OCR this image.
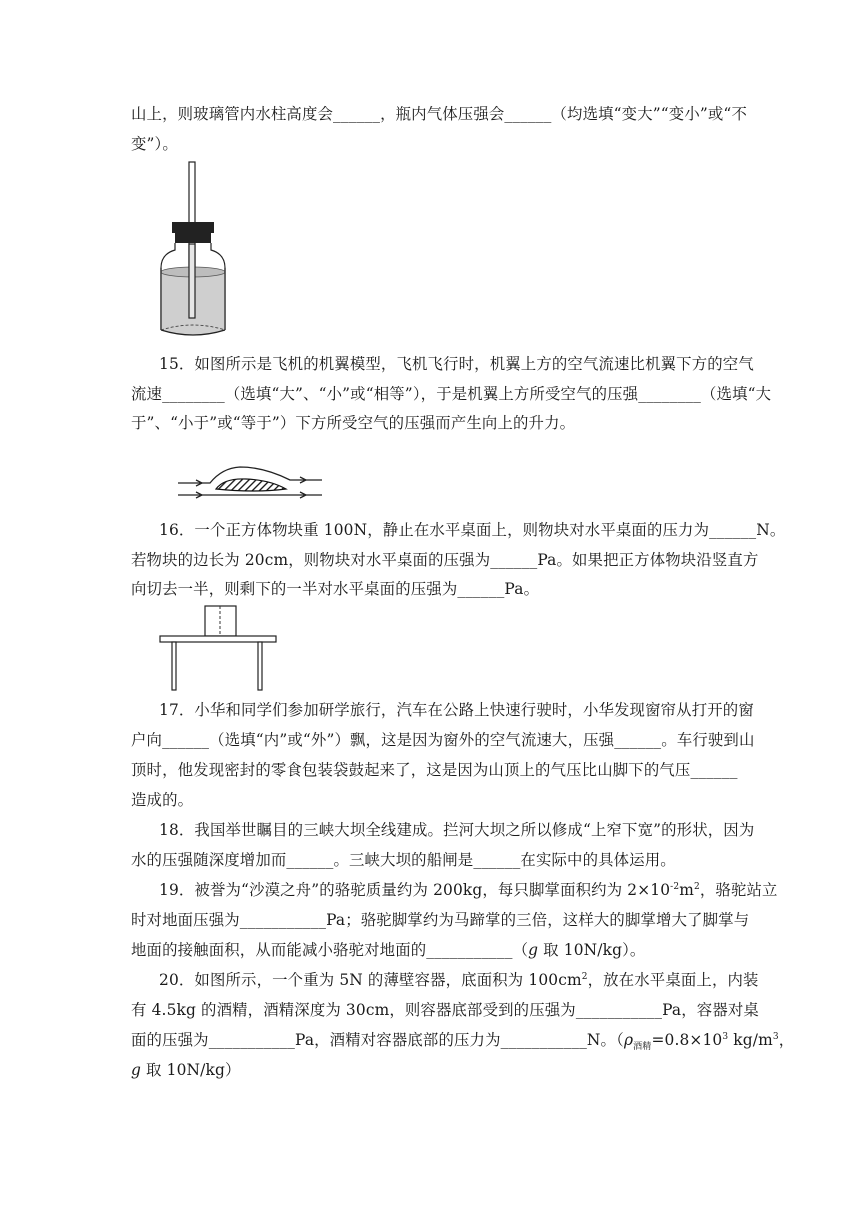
山上，则玻璃管内水柱高度会______，瓶内气体压强会______（均选填“变大”“变小”或“不
变”）。
15．如图所示是飞机的机翼模型，飞机飞行时，机翼上方的空气流速比机翼下方的空气
流速________（选填“大”、“小”或“相等”），于是机翼上方所受空气的压强________（选填“大
于”、“小于”或“等于”）下方所受空气的压强而产生向上的升力。
16．一个正方体物块重 100N，静止在水平桌面上，则物块对水平桌面的压力为______N。
若物块的边长为 20cm，则物块对水平桌面的压强为______Pa。如果把正方体物块沿竖直方
向切去一半，则剩下的一半对水平桌面的压强为______Pa。
17．小华和同学们参加研学旅行，汽车在公路上快速行驶时，小华发现窗帘从打开的窗
户向______（选填“内”或“外”）飘，这是因为窗外的空气流速大，压强______。车行驶到山
顶时，他发现密封的零食包装袋鼓起来了，这是因为山顶上的气压比山脚下的气压______
造成的。
18．我国举世瞩目的三峡大坝全线建成。拦河大坝之所以修成“上窄下宽”的形状，因为
水的压强随深度增加而______。三峡大坝的船闸是______在实际中的具体运用。
19．被誉为“沙漠之舟”的骆驼质量约为 200kg，每只脚掌面积约为 $2\times 10^{-2}m^2$，骆驼站立
时对地面压强为___________Pa；骆驼脚掌约为马蹄掌的三倍，这样大的脚掌增大了脚掌与
地面的接触面积，从而能减小骆驼对地面的___________（g 取 10N/kg）。
20．如图所示，一个重为 5N 的薄壁容器，底面积为 $100cm^2$，放在水平桌面上，内装
有 4.5kg 的酒精，酒精深度为 30cm，则容器底部受到的压强为___________Pa，容器对桌
面的压强为___________Pa，酒精对容器底部的压力为___________N。（$\rho_{酒精}=0.8\times 10^3$ $kg/m^3$，
g 取 10N/kg）
